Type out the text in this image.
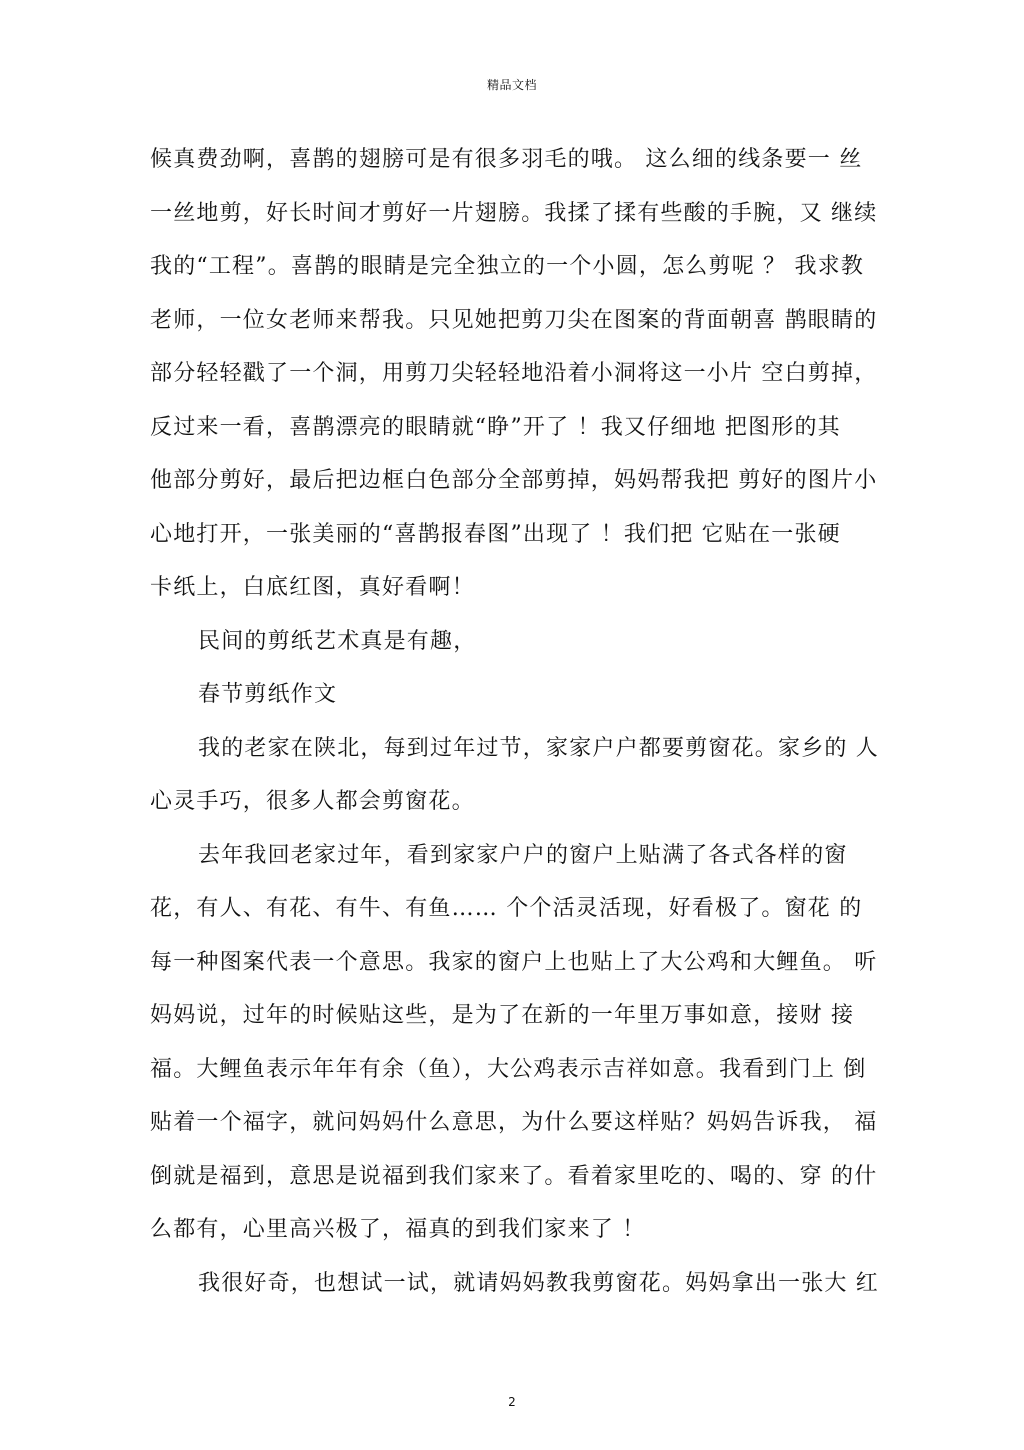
精品文档
候真费劲啊，喜鹊的翅膀可是有很多羽毛的哦。 这么细的线条要一 丝
一丝地剪，好长时间才剪好一片翅膀。我揉了揉有些酸的手腕，又 继续
我的“工程”。喜鹊的眼睛是完全独立的一个小圆，怎么剪呢 ？ 我求教
老师，一位女老师来帮我。只见她把剪刀尖在图案的背面朝喜 鹊眼睛的
部分轻轻戳了一个洞，用剪刀尖轻轻地沿着小洞将这一小片 空白剪掉，
反过来一看，喜鹊漂亮的眼睛就“睁”开了 ！我又仔细地 把图形的其
他部分剪好，最后把边框白色部分全部剪掉，妈妈帮我把 剪好的图片小
心地打开，一张美丽的“喜鹊报春图”出现了 ！我们把 它贴在一张硬
卡纸上，白底红图，真好看啊！
民间的剪纸艺术真是有趣，
春节剪纸作文
我的老家在陕北，每到过年过节，家家户户都要剪窗花。家乡的 人
心灵手巧，很多人都会剪窗花。
去年我回老家过年，看到家家户户的窗户上贴满了各式各样的窗
花，有人、有花、有牛、有鱼…… 个个活灵活现，好看极了。窗花 的
每一种图案代表一个意思。我家的窗户上也贴上了大公鸡和大鲤鱼。 听
妈妈说，过年的时候贴这些，是为了在新的一年里万事如意，接财 接
福。大鲤鱼表示年年有余（鱼），大公鸡表示吉祥如意。我看到门上 倒
贴着一个福字，就问妈妈什么意思，为什么要这样贴？妈妈告诉我， 福
倒就是福到，意思是说福到我们家来了。看着家里吃的、喝的、穿 的什
么都有，心里高兴极了，福真的到我们家来了 ！
我很好奇，也想试一试，就请妈妈教我剪窗花。妈妈拿出一张大 红
2
